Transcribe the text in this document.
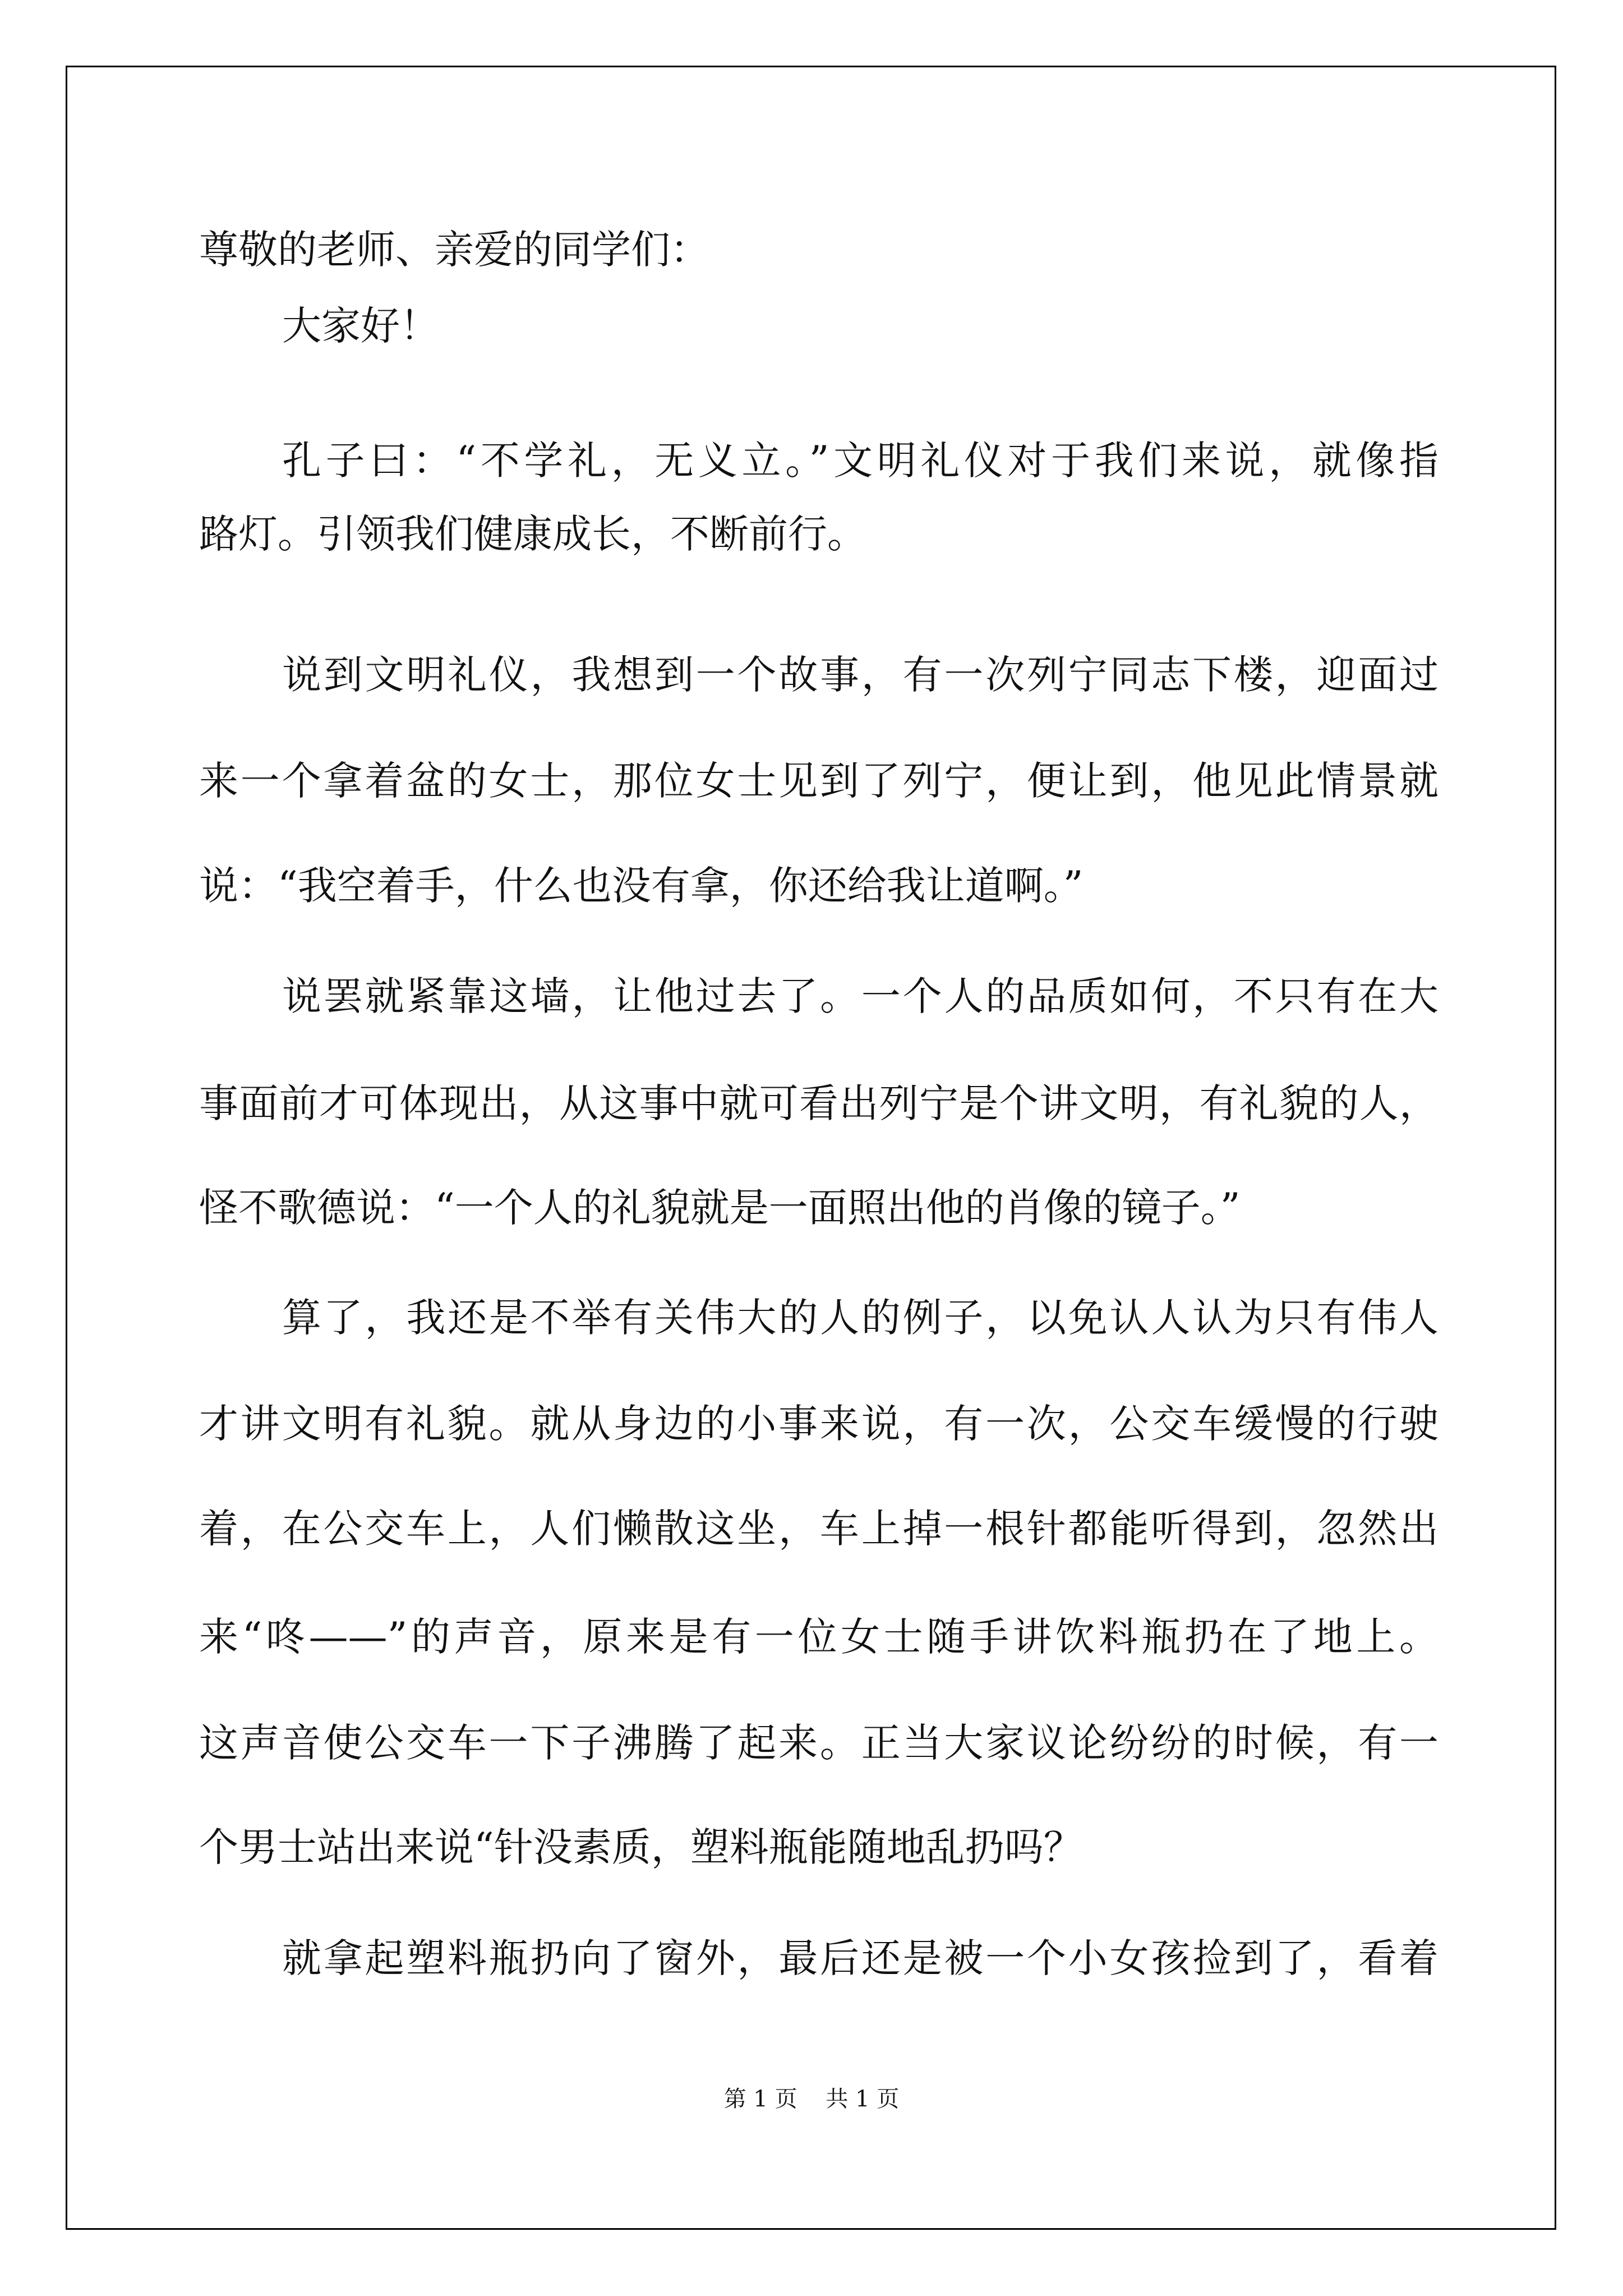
尊敬的老师、亲爱的同学们：
大家好！
孔子曰：“不学礼，无义立。”文明礼仪对于我们来说，就像指
路灯。引领我们健康成长，不断前行。
说到文明礼仪，我想到一个故事，有一次列宁同志下楼，迎面过
来一个拿着盆的女士，那位女士见到了列宁，便让到，他见此情景就
说：“我空着手，什么也没有拿，你还给我让道啊。”
说罢就紧靠这墙，让他过去了。一个人的品质如何，不只有在大
事面前才可体现出，从这事中就可看出列宁是个讲文明，有礼貌的人，
怪不歌德说：“一个人的礼貌就是一面照出他的肖像的镜子。”
算了，我还是不举有关伟大的人的例子，以免认人认为只有伟人
才讲文明有礼貌。就从身边的小事来说，有一次，公交车缓慢的行驶
着，在公交车上，人们懒散这坐，车上掉一根针都能听得到，忽然出
来“咚——”的声音，原来是有一位女士随手讲饮料瓶扔在了地上。
这声音使公交车一下子沸腾了起来。正当大家议论纷纷的时候，有一
个男士站出来说“针没素质，塑料瓶能随地乱扔吗？
就拿起塑料瓶扔向了窗外，最后还是被一个小女孩捡到了，看着
第 1 页    共 1 页
